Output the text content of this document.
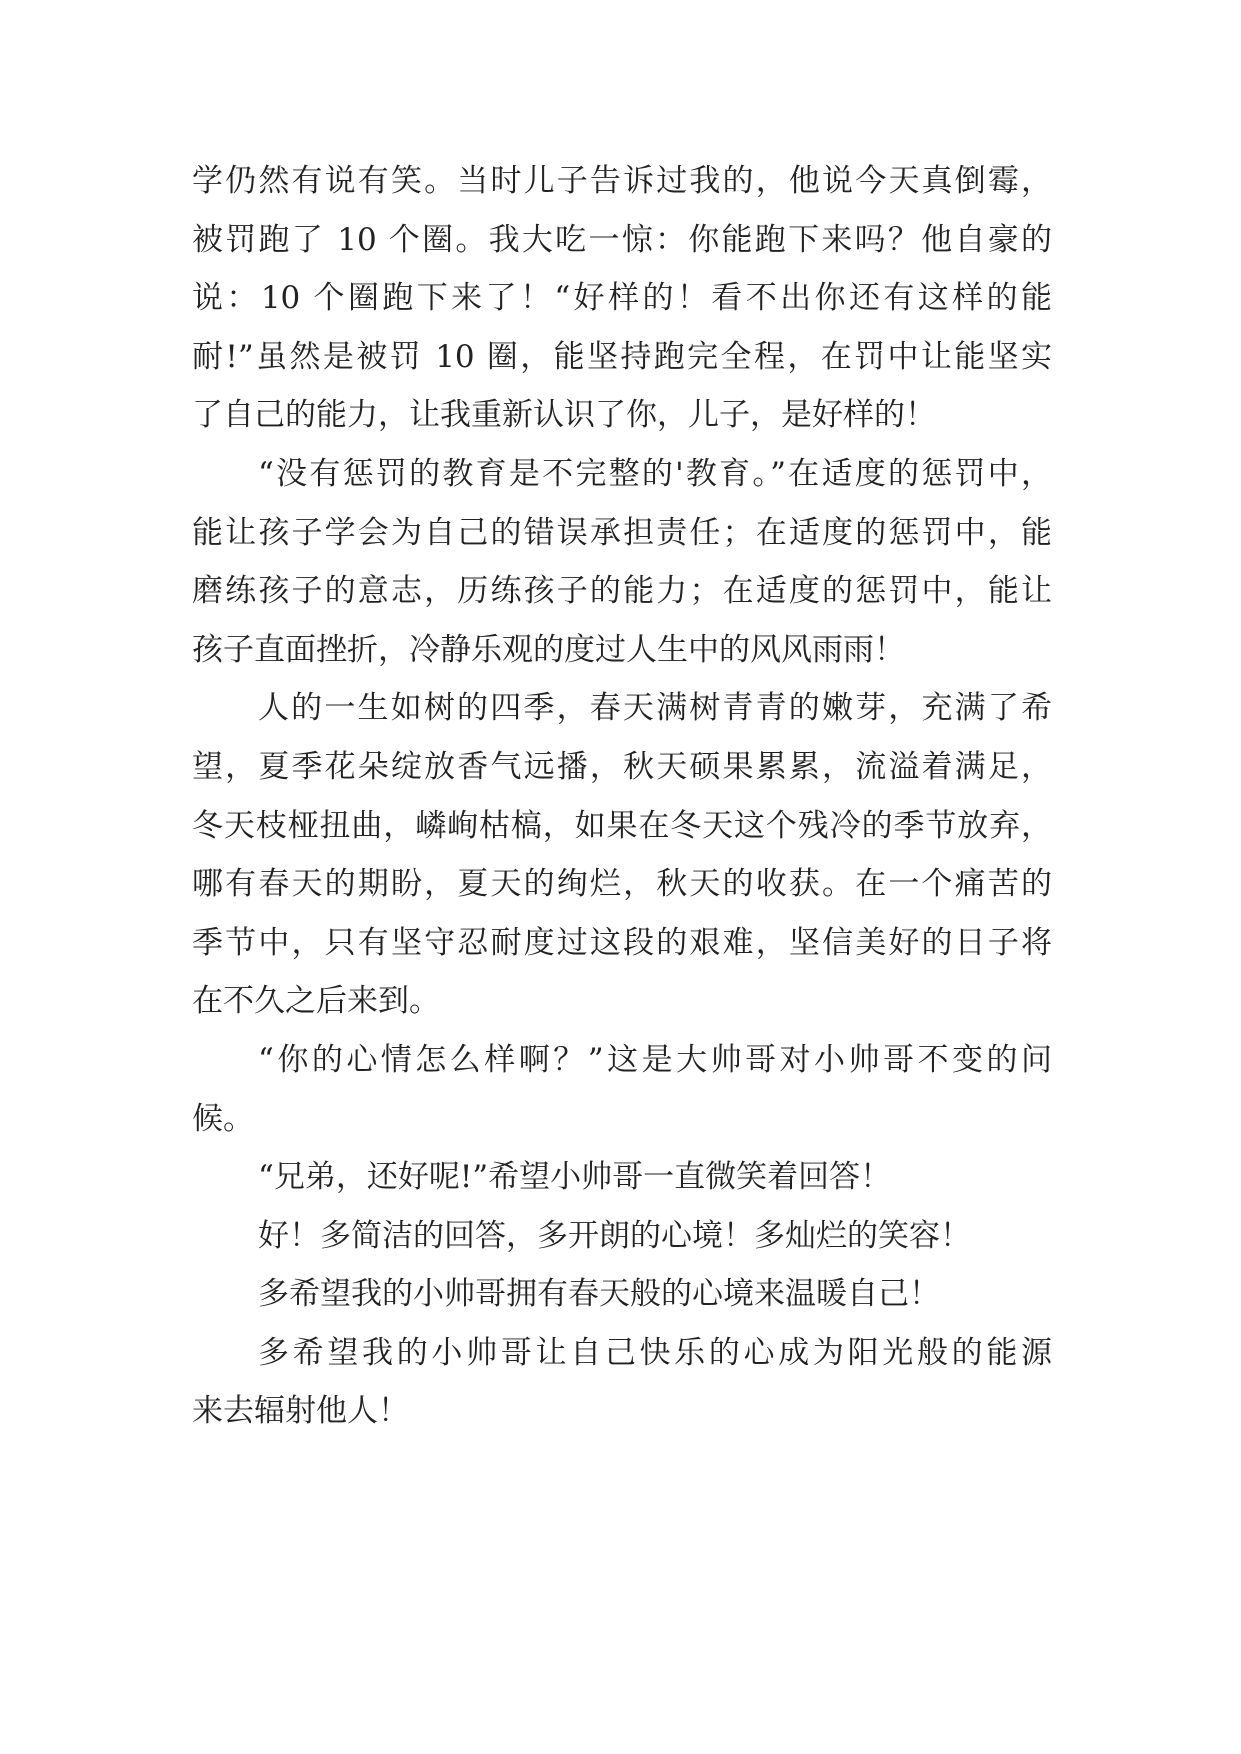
学仍然有说有笑。当时儿子告诉过我的，他说今天真倒霉，
被罚跑了 10 个圈。我大吃一惊：你能跑下来吗？他自豪的
说：10 个圈跑下来了！“好样的！看不出你还有这样的能
耐!”虽然是被罚 10 圈，能坚持跑完全程，在罚中让能坚实
了自己的能力，让我重新认识了你，儿子，是好样的！
“没有惩罚的教育是不完整的'教育。”在适度的惩罚中，
能让孩子学会为自己的错误承担责任；在适度的惩罚中，能
磨练孩子的意志，历练孩子的能力；在适度的惩罚中，能让
孩子直面挫折，冷静乐观的度过人生中的风风雨雨！
人的一生如树的四季，春天满树青青的嫩芽，充满了希
望，夏季花朵绽放香气远播，秋天硕果累累，流溢着满足，
冬天枝桠扭曲，嶙峋枯槁，如果在冬天这个残冷的季节放弃，
哪有春天的期盼，夏天的绚烂，秋天的收获。在一个痛苦的
季节中，只有坚守忍耐度过这段的艰难，坚信美好的日子将
在不久之后来到。
“你的心情怎么样啊？”这是大帅哥对小帅哥不变的问
候。
“兄弟，还好呢!”希望小帅哥一直微笑着回答！
好！多简洁的回答，多开朗的心境！多灿烂的笑容！
多希望我的小帅哥拥有春天般的心境来温暖自己！
多希望我的小帅哥让自己快乐的心成为阳光般的能源
来去辐射他人！
